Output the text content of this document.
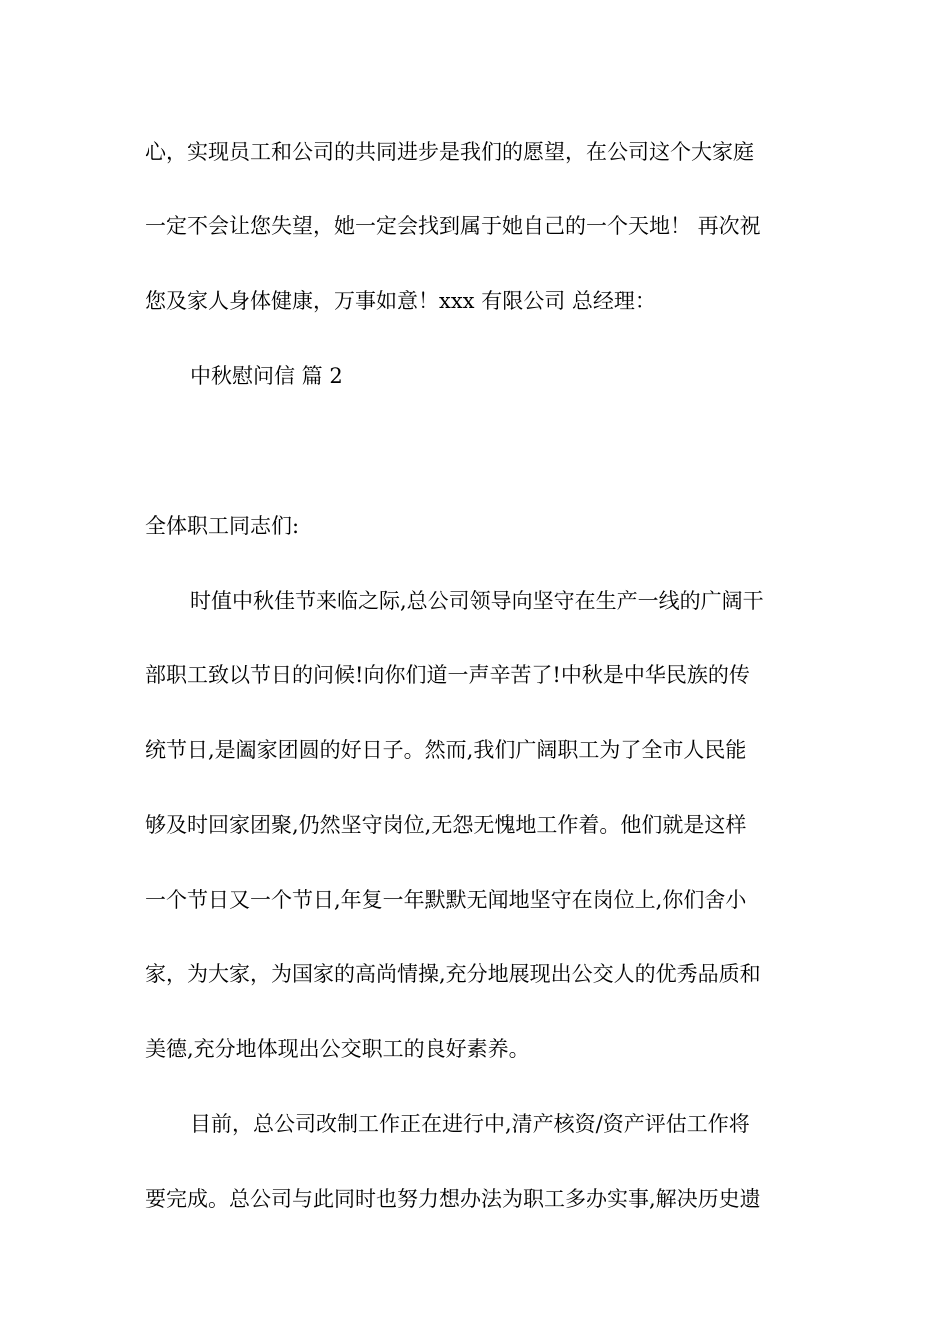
心，实现员工和公司的共同进步是我们的愿望，在公司这个大家庭
一定不会让您失望，她一定会找到属于她自己的一个天地！ 再次祝
您及家人身体健康，万事如意！xxx 有限公司 总经理：
中秋慰问信 篇 2
全体职工同志们:
时值中秋佳节来临之际,总公司领导向坚守在生产一线的广阔干
部职工致以节日的问候!向你们道一声辛苦了!中秋是中华民族的传
统节日,是阖家团圆的好日子。然而,我们广阔职工为了全市人民能
够及时回家团聚,仍然坚守岗位,无怨无愧地工作着。他们就是这样
一个节日又一个节日,年复一年默默无闻地坚守在岗位上,你们舍小
家，为大家，为国家的高尚情操,充分地展现出公交人的优秀品质和
美德,充分地体现出公交职工的良好素养。
目前，总公司改制工作正在进行中,清产核资/资产评估工作将
要完成。总公司与此同时也努力想办法为职工多办实事,解决历史遗
